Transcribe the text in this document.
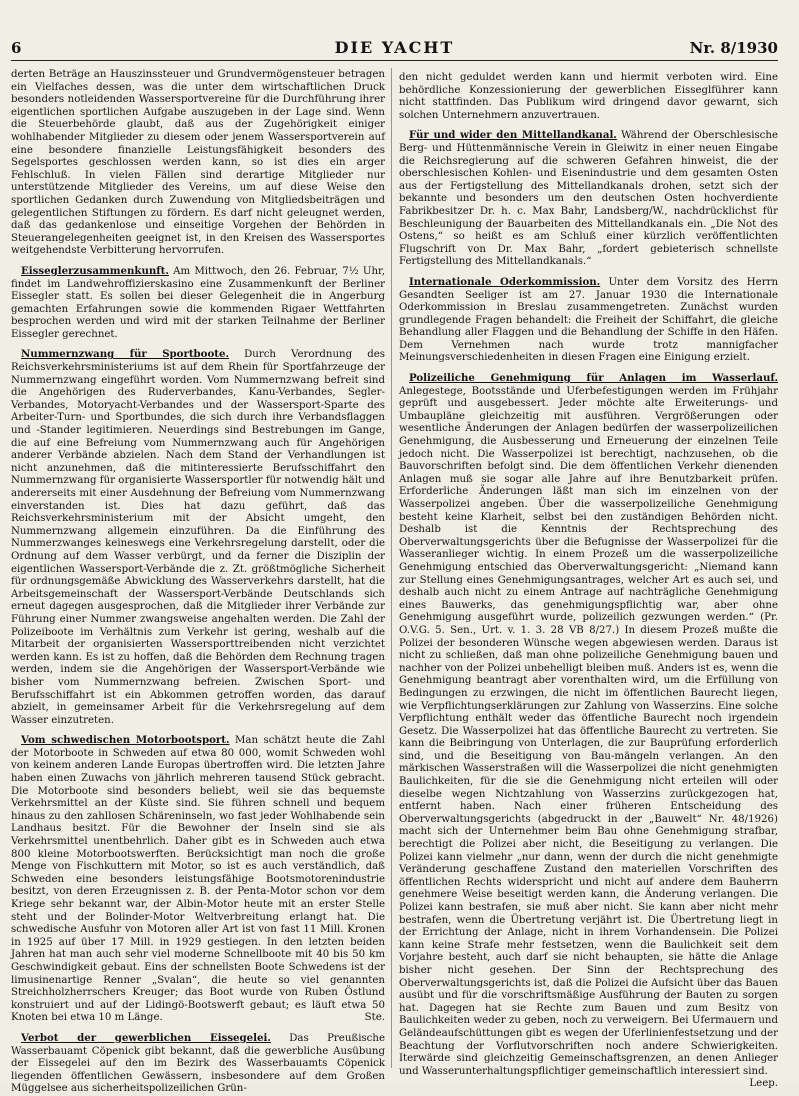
6	DIE YACHT	Nr. 8/1930

derten Beträge an Hauszinssteuer und Grundvermögensteuer betragen ein Vielfaches dessen, was die unter dem wirtschaftlichen Druck besonders notleidenden Wassersportvereine für die Durchführung ihrer eigentlichen sportlichen Aufgabe auszugeben in der Lage sind. Wenn die Steuerbehörde glaubt, daß aus der Zugehörigkeit einiger wohlhabender Mitglieder zu diesem oder jenem Wassersportverein auf eine besondere finanzielle Leistungsfähigkeit besonders des Segelsportes geschlossen werden kann, so ist dies ein arger Fehlschluß. In vielen Fällen sind derartige Mitglieder nur unterstützende Mitglieder des Vereins, um auf diese Weise den sportlichen Gedanken durch Zuwendung von Mitgliedsbeiträgen und gelegentlichen Stiftungen zu fördern. Es darf nicht geleugnet werden, daß das gedankenlose und einseitige Vorgehen der Behörden in Steuerangelegenheiten geeignet ist, in den Kreisen des Wassersportes weitgehendste Verbitterung hervorrufen.

Eisseglerzusammenkunft. Am Mittwoch, den 26. Februar, 7½ Uhr, findet im Landwehroffizierskasino eine Zusammenkunft der Berliner Eissegler statt. Es sollen bei dieser Gelegenheit die in Angerburg gemachten Erfahrungen sowie die kommenden Rigaer Wettfahrten besprochen werden und wird mit der starken Teilnahme der Berliner Eissegler gerechnet.

Nummernzwang für Sportboote. Durch Verordnung des Reichsverkehrsministeriums ist auf dem Rhein für Sportfahrzeuge der Nummernzwang eingeführt worden. Vom Nummernzwang befreit sind die Angehörigen des Ruderverbandes, Kanu-Verbandes, Segler-Verbandes, Motoryacht-Verbandes und der Wassersport-Sparte des Arbeiter-Turn- und Sportbundes, die sich durch ihre Verbandsflaggen und -Stander legitimieren. Neuerdings sind Bestrebungen im Gange, die auf eine Befreiung vom Nummernzwang auch für Angehörigen anderer Verbände abzielen. Nach dem Stand der Verhandlungen ist nicht anzunehmen, daß die mitinteressierte Berufsschiffahrt den Nummernzwang für organisierte Wassersportler für notwendig hält und andererseits mit einer Ausdehnung der Befreiung vom Nummernzwang einverstanden ist. Dies hat dazu geführt, daß das Reichsverkehrsministerium mit der Absicht umgeht, den Nummernzwang allgemein einzuführen. Da die Einführung des Nummerzwanges keineswegs eine Verkehrsregelung darstellt, oder die Ordnung auf dem Wasser verbürgt, und da ferner die Disziplin der eigentlichen Wassersport-Verbände die z. Zt. größtmögliche Sicherheit für ordnungsgemäße Abwicklung des Wasserverkehrs darstellt, hat die Arbeitsgemeinschaft der Wassersport-Verbände Deutschlands sich erneut dagegen ausgesprochen, daß die Mitglieder ihrer Verbände zur Führung einer Nummer zwangsweise angehalten werden. Die Zahl der Polizeiboote im Verhältnis zum Verkehr ist gering, weshalb auf die Mitarbeit der organisierten Wassersporttreibenden nicht verzichtet werden kann. Es ist zu hoffen, daß die Behörden dem Rechnung tragen werden, indem sie die Angehörigen der Wassersport-Verbände wie bisher vom Nummernzwang befreien. Zwischen Sport- und Berufsschiffahrt ist ein Abkommen getroffen worden, das darauf abzielt, in gemeinsamer Arbeit für die Verkehrsregelung auf dem Wasser einzutreten.

Vom schwedischen Motorbootsport. Man schätzt heute die Zahl der Motorboote in Schweden auf etwa 80 000, womit Schweden wohl von keinem anderen Lande Europas übertroffen wird. Die letzten Jahre haben einen Zuwachs von jährlich mehreren tausend Stück gebracht. Die Motorboote sind besonders beliebt, weil sie das bequemste Verkehrsmittel an der Küste sind. Sie führen schnell und bequem hinaus zu den zahllosen Schäreninseln, wo fast jeder Wohlhabende sein Landhaus besitzt. Für die Bewohner der Inseln sind sie als Verkehrsmittel unentbehrlich. Daher gibt es in Schweden auch etwa 800 kleine Motorbootswerften. Berücksichtigt man noch die große Menge von Fischkuttern mit Motor, so ist es auch verständlich, daß Schweden eine besonders leistungsfähige Bootsmotorenindustrie besitzt, von deren Erzeugnissen z. B. der Penta-Motor schon vor dem Kriege sehr bekannt war, der Albin-Motor heute mit an erster Stelle steht und der Bolinder-Motor Weltverbreitung erlangt hat. Die schwedische Ausfuhr von Motoren aller Art ist von fast 11 Mill. Kronen in 1925 auf über 17 Mill. in 1929 gestiegen. In den letzten beiden Jahren hat man auch sehr viel moderne Schnellboote mit 40 bis 50 km Geschwindigkeit gebaut. Eins der schnellsten Boote Schwedens ist der limusinenartige Renner „Svalan“, die heute so viel genannten Streichholzherrschers Kreuger; das Boot wurde von Ruben Östlund konstruiert und auf der Lidingö-Bootswerft gebaut; es läuft etwa 50 Knoten bei etwa 10 m Länge.	Ste.

Verbot der gewerblichen Eissegelei. Das Preußische Wasserbauamt Cöpenick gibt bekannt, daß die gewerbliche Ausübung der Eissegelei auf den im Bezirk des Wasserbauamts Cöpenick liegenden öffentlichen Gewässern, insbesondere auf dem Großen Müggelsee aus sicherheitspolizeilichen Grün-

den nicht geduldet werden kann und hiermit verboten wird. Eine behördliche Konzessionierung der gewerblichen Eisseglführer kann nicht stattfinden. Das Publikum wird dringend davor gewarnt, sich solchen Unternehmern anzuvertrauen.

Für und wider den Mittellandkanal. Während der Oberschlesische Berg- und Hüttenmännische Verein in Gleiwitz in einer neuen Eingabe die Reichsregierung auf die schweren Gefahren hinweist, die der oberschlesischen Kohlen- und Eisenindustrie und dem gesamten Osten aus der Fertigstellung des Mittellandkanals drohen, setzt sich der bekannte und besonders um den deutschen Osten hochverdiente Fabrikbesitzer Dr. h. c. Max Bahr, Landsberg/W., nachdrücklichst für Beschleunigung der Bauarbeiten des Mittellandkanals ein. „Die Not des Ostens,“ so heißt es am Schluß einer kürzlich veröffentlichten Flugschrift von Dr. Max Bahr, „fordert gebieterisch schnellste Fertigstellung des Mittellandkanals.“

Internationale Oderkommission. Unter dem Vorsitz des Herrn Gesandten Seeliger ist am 27. Januar 1930 die Internationale Oderkommission in Breslau zusammengetreten. Zunächst wurden grundlegende Fragen behandelt: die Freiheit der Schiffahrt, die gleiche Behandlung aller Flaggen und die Behandlung der Schiffe in den Häfen. Dem Vernehmen nach wurde trotz mannigfacher Meinungsverschiedenheiten in diesen Fragen eine Einigung erzielt.

Polizeiliche Genehmigung für Anlagen im Wasserlauf. Anlegestege, Bootsstände und Uferbefestigungen werden im Frühjahr geprüft und ausgebessert. Jeder möchte alte Erweiterungs- und Umbaupläne gleichzeitig mit ausführen. Vergrößerungen oder wesentliche Änderungen der Anlagen bedürfen der wasserpolizeilichen Genehmigung, die Ausbesserung und Erneuerung der einzelnen Teile jedoch nicht. Die Wasserpolizei ist berechtigt, nachzusehen, ob die Bauvorschriften befolgt sind. Die dem öffentlichen Verkehr dienenden Anlagen muß sie sogar alle Jahre auf ihre Benutzbarkeit prüfen. Erforderliche Änderungen läßt man sich im einzelnen von der Wasserpolizei angeben. Über die wasserpolizeiliche Genehmigung besteht keine Klarheit, selbst bei den zuständigen Behörden nicht. Deshalb ist die Kenntnis der Rechtsprechung des Oberverwaltungsgerichts über die Befugnisse der Wasserpolizei für die Wasseranlieger wichtig. In einem Prozeß um die wasserpolizeiliche Genehmigung entschied das Oberverwaltungsgericht: „Niemand kann zur Stellung eines Genehmigungsantrages, welcher Art es auch sei, und deshalb auch nicht zu einem Antrage auf nachträgliche Genehmigung eines Bauwerks, das genehmigungspflichtig war, aber ohne Genehmigung ausgeführt wurde, polizeilich gezwungen werden.“ (Pr. O.V.G. 5. Sen., Urt. v. 1. 3. 28 VB 8/27.) In diesem Prozeß mußte die Polizei der besonderen Wünsche wegen abgewiesen werden. Daraus ist nicht zu schließen, daß man ohne polizeiliche Genehmigung bauen und nachher von der Polizei unbehelligt bleiben muß. Anders ist es, wenn die Genehmigung beantragt aber vorenthalten wird, um die Erfüllung von Bedingungen zu erzwingen, die nicht im öffentlichen Baurecht liegen, wie Verpflichtungserklärungen zur Zahlung von Wasserzins. Eine solche Verpflichtung enthält weder das öffentliche Baurecht noch irgendein Gesetz. Die Wasserpolizei hat das öffentliche Baurecht zu vertreten. Sie kann die Beibringung von Unterlagen, die zur Bauprüfung erforderlich sind, und die Beseitigung von Bau-mängeln verlangen. An den märkischen Wasserstraßen will die Wasserpolizei die nicht genehmigten Baulichkeiten, für die sie die Genehmigung nicht erteilen will oder dieselbe wegen Nichtzahlung von Wasserzins zurückgezogen hat, entfernt haben. Nach einer früheren Entscheidung des Oberverwaltungsgerichts (abgedruckt in der „Bauwelt“ Nr. 48/1926) macht sich der Unternehmer beim Bau ohne Genehmigung strafbar, berechtigt die Polizei aber nicht, die Beseitigung zu verlangen. Die Polizei kann vielmehr „nur dann, wenn der durch die nicht genehmigte Veränderung geschaffene Zustand den materiellen Vorschriften des öffentlichen Rechts widerspricht und nicht auf andere dem Bauherrn genehmere Weise beseitigt werden kann, die Änderung verlangen. Die Polizei kann bestrafen, sie muß aber nicht. Sie kann aber nicht mehr bestrafen, wenn die Übertretung verjährt ist. Die Übertretung liegt in der Errichtung der Anlage, nicht in ihrem Vorhandensein. Die Polizei kann keine Strafe mehr festsetzen, wenn die Baulichkeit seit dem Vorjahre besteht, auch darf sie nicht behaupten, sie hätte die Anlage bisher nicht gesehen. Der Sinn der Rechtsprechung des Oberverwaltungsgerichts ist, daß die Polizei die Aufsicht über das Bauen ausübt und für die vorschriftsmäßige Ausführung der Bauten zu sorgen hat. Dagegen hat sie Rechte zum Bauen und zum Besitz von Baulichkeiten weder zu geben, noch zu verweigern. Bei Ufermauern und Geländeaufschüttungen gibt es wegen der Uferlinienfestsetzung und der Beachtung der Vorflutvorschriften noch andere Schwierigkeiten. Iterwärde sind gleichzeitig Gemeinschaftsgrenzen, an denen Anlieger und Wasserunterhaltungspflichtiger gemeinschaftlich interessiert sind.
Leep.
